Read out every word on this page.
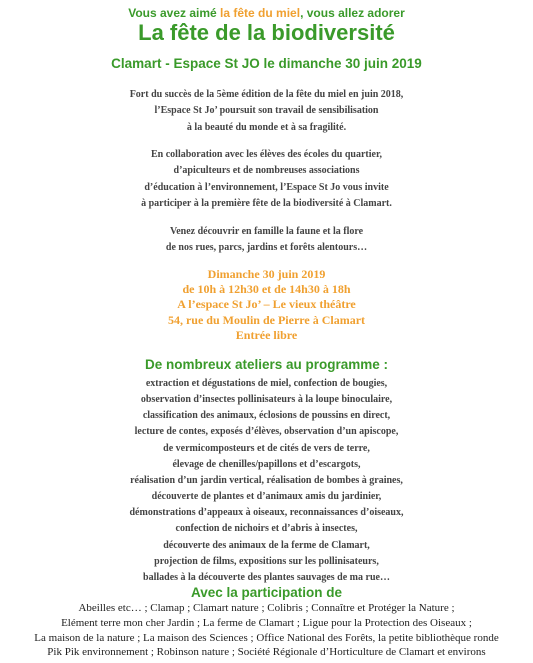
Vous avez aimé la fête du miel, vous allez adorer
La fête de la biodiversité
Clamart - Espace St JO le dimanche 30 juin 2019
Fort du succès de la 5ème édition de la fête du miel en juin 2018,
l’Espace St Jo’ poursuit son travail de sensibilisation
à la beauté du monde et à sa fragilité.
En collaboration avec les élèves des écoles du quartier,
d’apiculteurs et de nombreuses associations
d’éducation à l’environnement, l’Espace St Jo vous invite
à participer à la première fête de la biodiversité à Clamart.
Venez découvrir en famille la faune et la flore
de nos rues, parcs, jardins et forêts alentours…
Dimanche 30 juin 2019
de 10h à 12h30 et de 14h30 à 18h
A l’espace St Jo’ – Le vieux théâtre
54, rue du Moulin de Pierre à Clamart
Entrée libre
De nombreux ateliers au programme :
extraction et dégustations de miel, confection de bougies,
observation d’insectes pollinisateurs à la loupe binoculaire,
classification des animaux, éclosions de poussins en direct,
lecture de contes, exposés d’élèves, observation d’un apiscope,
de vermicomposteurs et de cités de vers de terre,
élevage de chenilles/papillons et d’escargots,
réalisation d’un jardin vertical, réalisation de bombes à graines,
découverte de plantes et d’animaux amis du jardinier,
démonstrations d’appeaux à oiseaux, reconnaissances d’oiseaux,
confection de nichoirs et d’abris à insectes,
découverte des animaux de la ferme de Clamart,
projection de films, expositions sur les pollinisateurs,
ballades à la découverte des plantes sauvages de ma rue…
Avec la participation de
Abeilles etc… ; Clamap ; Clamart nature ; Colibris ; Connaître et Protéger la Nature ;
Elément terre mon cher Jardin ; La ferme de Clamart ; Ligue pour la Protection des Oiseaux ;
La maison de la nature ; La maison des Sciences ; Office National des Forêts, la petite bibliothèque ronde
Pik Pik environnement ; Robinson nature ; Société Régionale d’Horticulture de Clamart et environs
